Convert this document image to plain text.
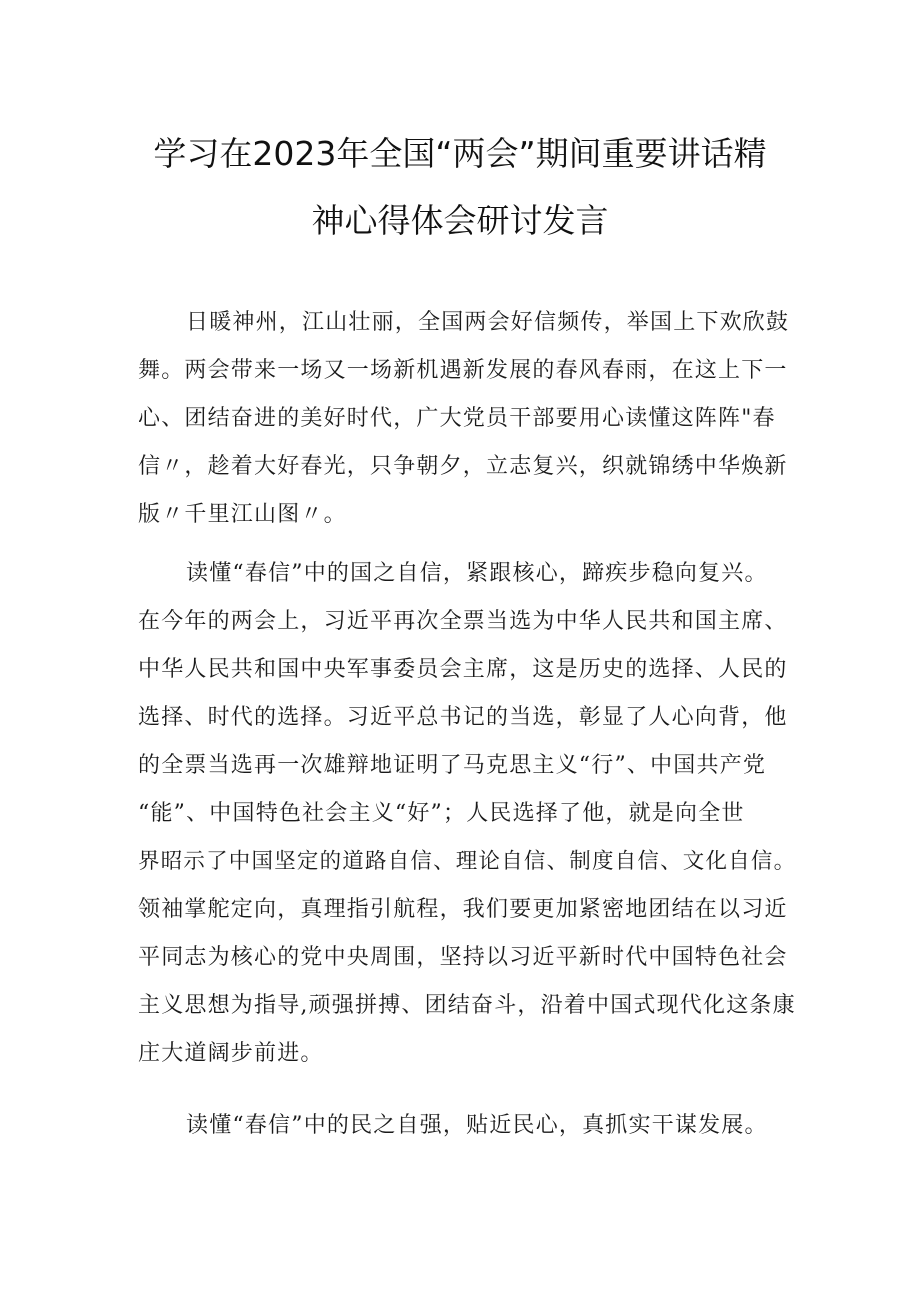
学习在2023年全国“两会”期间重要讲话精
神心得体会研讨发言

日暖神州，江山壮丽，全国两会好信频传，举国上下欢欣鼓

舞。两会带来一场又一场新机遇新发展的春风春雨，在这上下一

心、团结奋进的美好时代，广大党员干部要用心读懂这阵阵"春

信〃，趁着大好春光，只争朝夕，立志复兴，织就锦绣中华焕新

版〃千里江山图〃。

读懂“春信”中的国之自信，紧跟核心，蹄疾步稳向复兴。

在今年的两会上，习近平再次全票当选为中华人民共和国主席、

中华人民共和国中央军事委员会主席，这是历史的选择、人民的

选择、时代的选择。习近平总书记的当选，彰显了人心向背，他

的全票当选再一次雄辩地证明了马克思主义“行”、中国共产党

“能”、中国特色社会主义“好”；人民选择了他，就是向全世

界昭示了中国坚定的道路自信、理论自信、制度自信、文化自信。

领袖掌舵定向，真理指引航程，我们要更加紧密地团结在以习近

平同志为核心的党中央周围，坚持以习近平新时代中国特色社会

主义思想为指导,顽强拼搏、团结奋斗，沿着中国式现代化这条康

庄大道阔步前进。

读懂“春信”中的民之自强，贴近民心，真抓实干谋发展。
